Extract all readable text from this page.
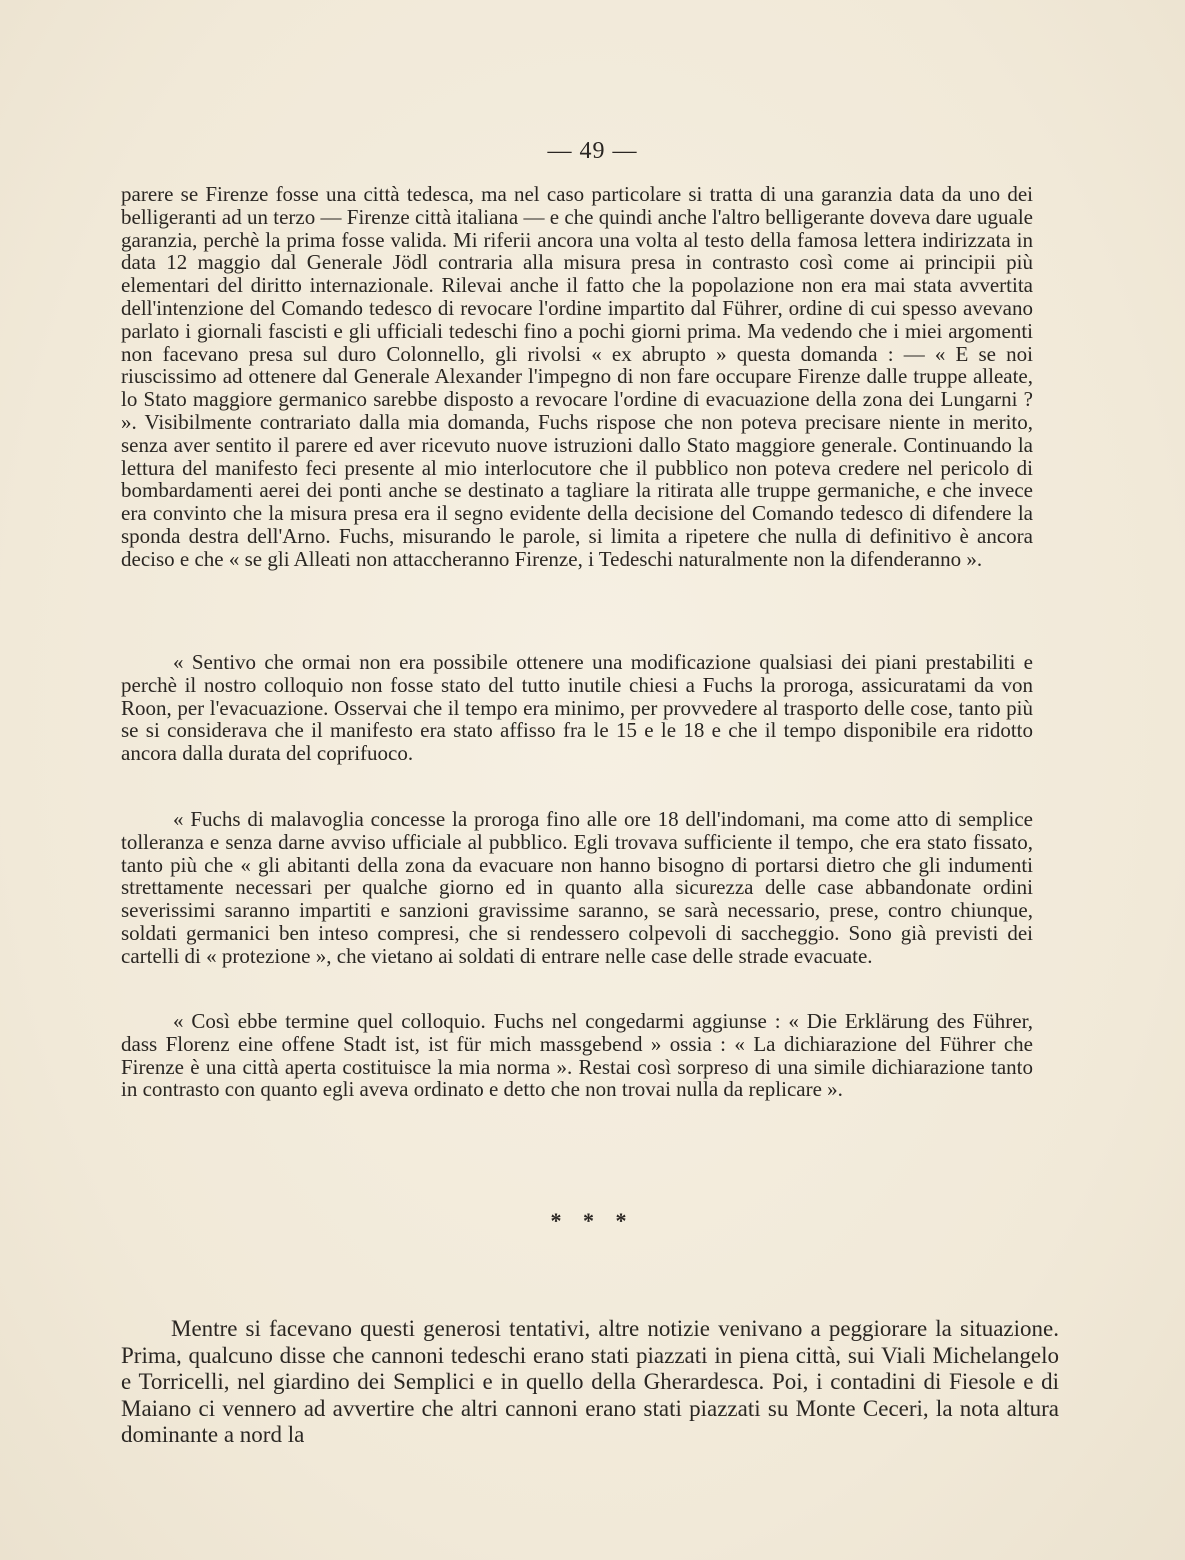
— 49 —

parere se Firenze fosse una città tedesca, ma nel caso particolare si tratta di una garanzia data da uno dei belligeranti ad un terzo — Firenze città italiana — e che quindi anche l'altro belligerante doveva dare uguale garanzia, perchè la prima fosse valida. Mi riferii ancora una volta al testo della famosa lettera indirizzata in data 12 maggio dal Generale Jödl contraria alla misura presa in contrasto così come ai principii più elementari del diritto internazionale. Rilevai anche il fatto che la popolazione non era mai stata avvertita dell'intenzione del Comando tedesco di revocare l'ordine impartito dal Führer, ordine di cui spesso avevano parlato i giornali fascisti e gli ufficiali tedeschi fino a pochi giorni prima. Ma vedendo che i miei argomenti non facevano presa sul duro Colonnello, gli rivolsi « ex abrupto » questa domanda : — « E se noi riuscissimo ad ottenere dal Generale Alexander l'impegno di non fare occupare Firenze dalle truppe alleate, lo Stato maggiore germanico sarebbe disposto a revocare l'ordine di evacuazione della zona dei Lungarni ? ». Visibilmente contrariato dalla mia domanda, Fuchs rispose che non poteva precisare niente in merito, senza aver sentito il parere ed aver ricevuto nuove istruzioni dallo Stato maggiore generale. Continuando la lettura del manifesto feci presente al mio interlocutore che il pubblico non poteva credere nel pericolo di bombardamenti aerei dei ponti anche se destinato a tagliare la ritirata alle truppe germaniche, e che invece era convinto che la misura presa era il segno evidente della decisione del Comando tedesco di difendere la sponda destra dell'Arno. Fuchs, misurando le parole, si limita a ripetere che nulla di definitivo è ancora deciso e che « se gli Alleati non attaccheranno Firenze, i Tedeschi naturalmente non la difenderanno ».

« Sentivo che ormai non era possibile ottenere una modificazione qualsiasi dei piani prestabiliti e perchè il nostro colloquio non fosse stato del tutto inutile chiesi a Fuchs la proroga, assicuratami da von Roon, per l'evacuazione. Osservai che il tempo era minimo, per provvedere al trasporto delle cose, tanto più se si considerava che il manifesto era stato affisso fra le 15 e le 18 e che il tempo disponibile era ridotto ancora dalla durata del coprifuoco.

« Fuchs di malavoglia concesse la proroga fino alle ore 18 dell'indomani, ma come atto di semplice tolleranza e senza darne avviso ufficiale al pubblico. Egli trovava sufficiente il tempo, che era stato fissato, tanto più che « gli abitanti della zona da evacuare non hanno bisogno di portarsi dietro che gli indumenti strettamente necessari per qualche giorno ed in quanto alla sicurezza delle case abbandonate ordini severissimi saranno impartiti e sanzioni gravissime saranno, se sarà necessario, prese, contro chiunque, soldati germanici ben inteso compresi, che si rendessero colpevoli di saccheggio. Sono già previsti dei cartelli di « protezione », che vietano ai soldati di entrare nelle case delle strade evacuate.

« Così ebbe termine quel colloquio. Fuchs nel congedarmi aggiunse : « Die Erklärung des Führer, dass Florenz eine offene Stadt ist, ist für mich massgebend » ossia : « La dichiarazione del Führer che Firenze è una città aperta costituisce la mia norma ». Restai così sorpreso di una simile dichiarazione tanto in contrasto con quanto egli aveva ordinato e detto che non trovai nulla da replicare ».

* * *

Mentre si facevano questi generosi tentativi, altre notizie venivano a peggiorare la situazione. Prima, qualcuno disse che cannoni tedeschi erano stati piazzati in piena città, sui Viali Michelangelo e Torricelli, nel giardino dei Semplici e in quello della Gherardesca. Poi, i contadini di Fiesole e di Maiano ci vennero ad avvertire che altri cannoni erano stati piazzati su Monte Ceceri, la nota altura dominante a nord la
